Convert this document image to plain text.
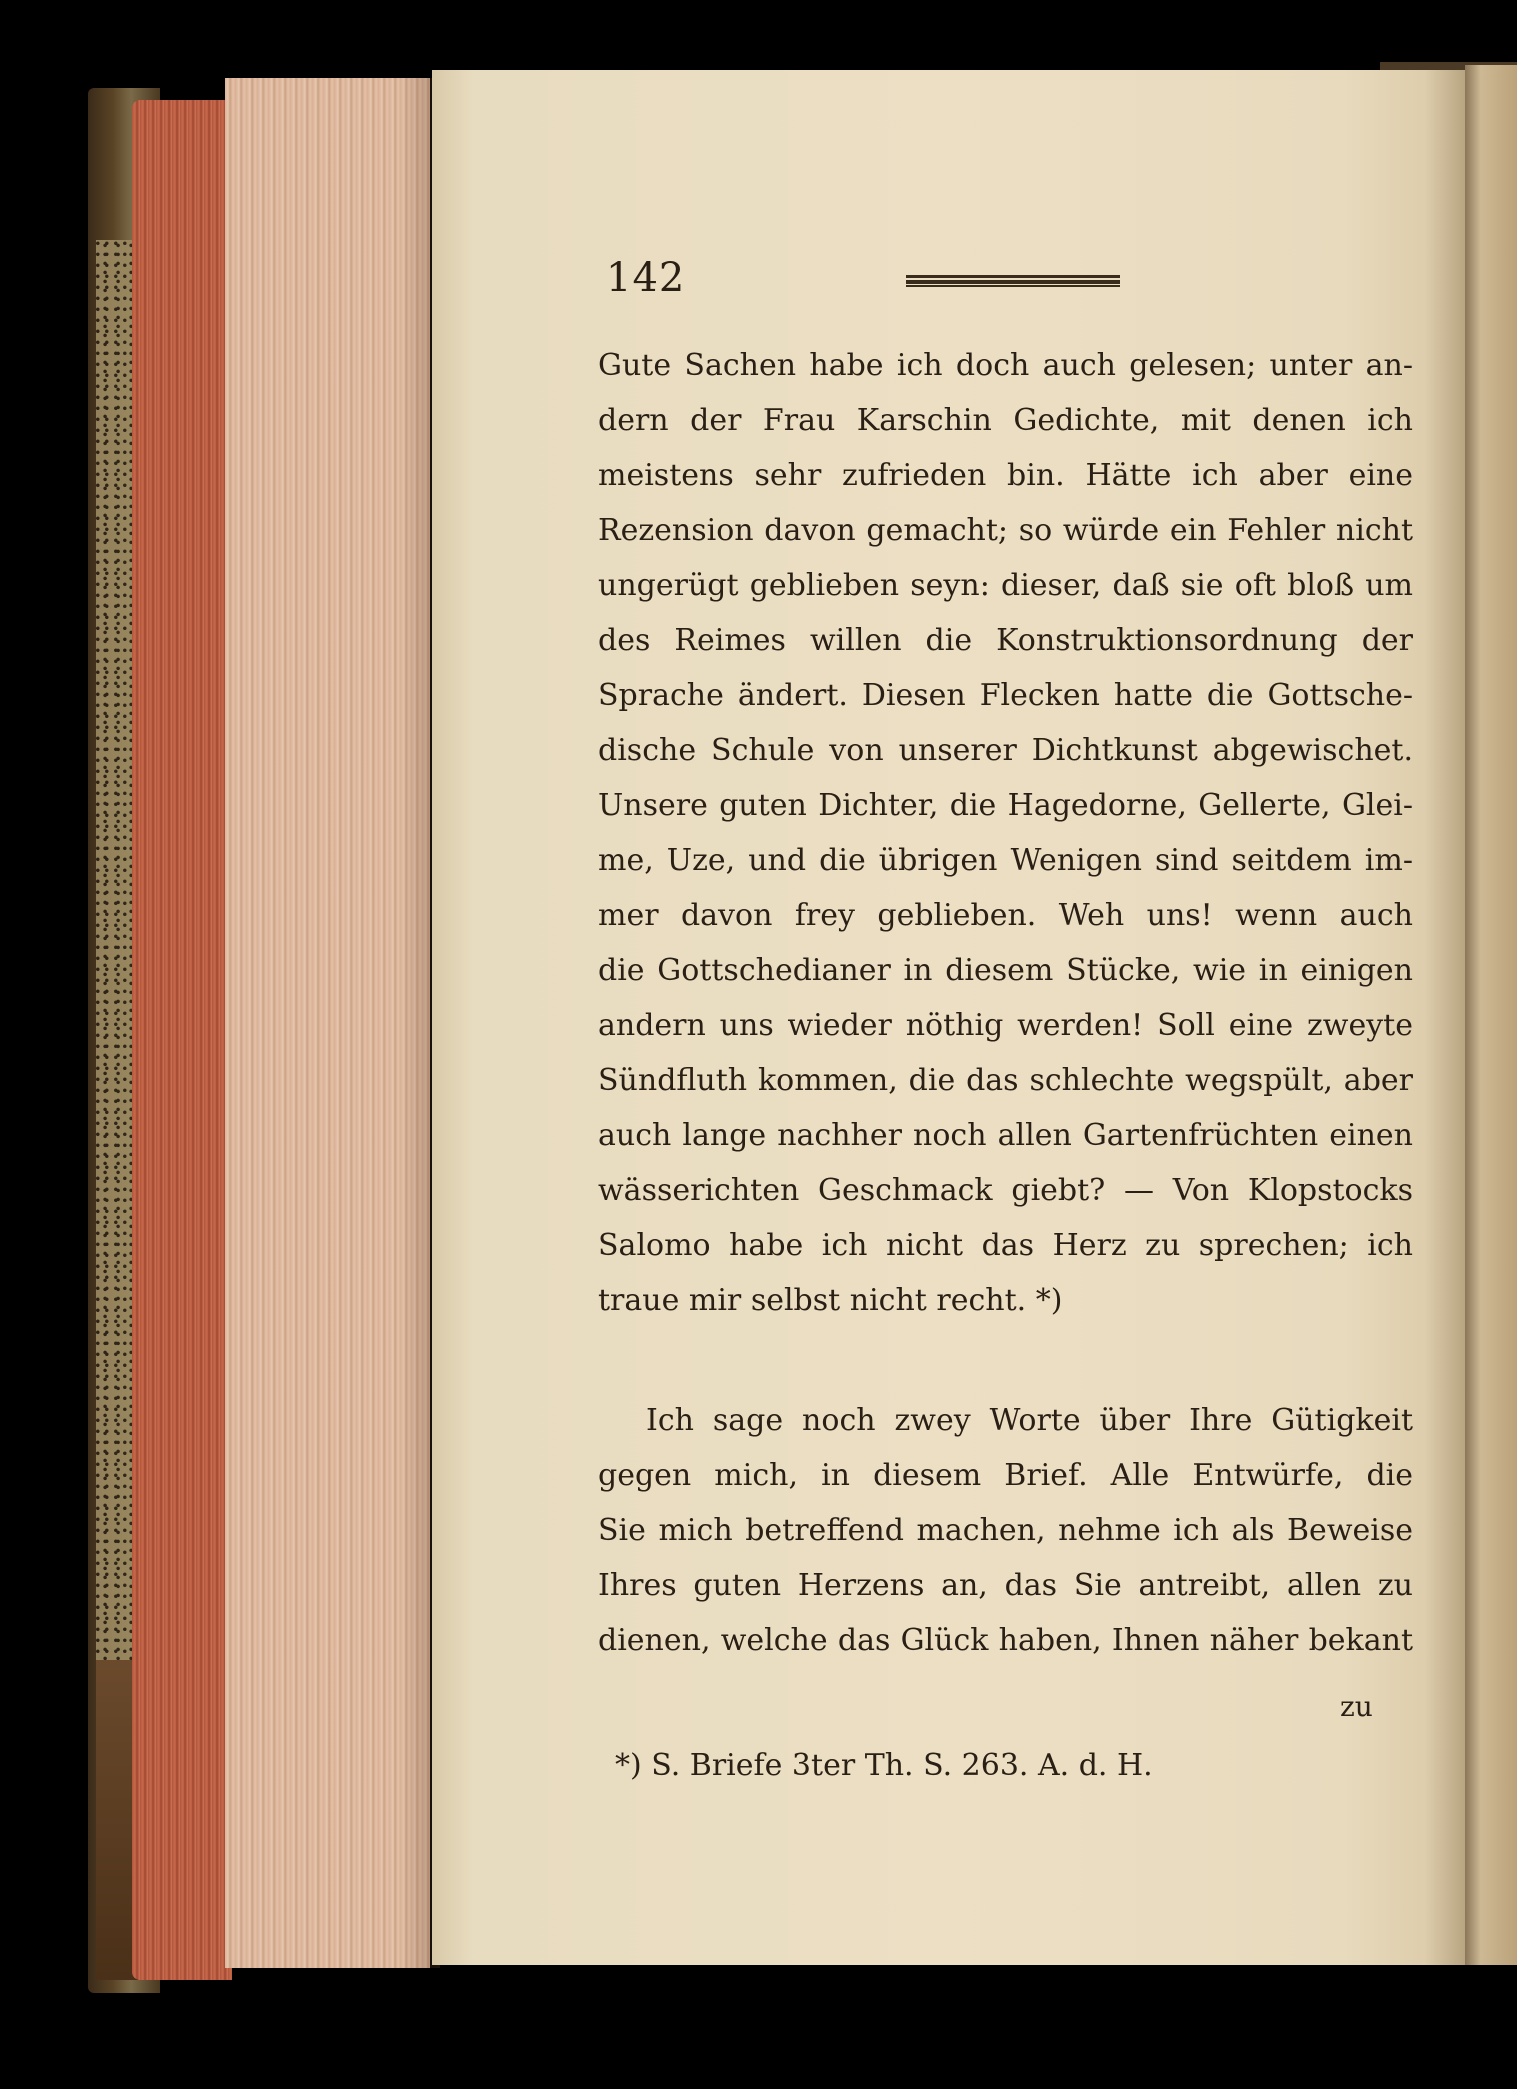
142
Gute Sachen habe ich doch auch gelesen; unter an-
dern der Frau Karschin Gedichte, mit denen ich
meistens sehr zufrieden bin. Hätte ich aber eine
Rezension davon gemacht; so würde ein Fehler nicht
ungerügt geblieben seyn: dieser, daß sie oft bloß um
des Reimes willen die Konstruktionsordnung der
Sprache ändert. Diesen Flecken hatte die Gottsche-
dische Schule von unserer Dichtkunst abgewischet.
Unsere guten Dichter, die Hagedorne, Gellerte, Glei-
me, Uze, und die übrigen Wenigen sind seitdem im-
mer davon frey geblieben. Weh uns! wenn auch
die Gottschedianer in diesem Stücke, wie in einigen
andern uns wieder nöthig werden! Soll eine zweyte
Sündfluth kommen, die das schlechte wegspült, aber
auch lange nachher noch allen Gartenfrüchten einen
wässerichten Geschmack giebt? — Von Klopstocks
Salomo habe ich nicht das Herz zu sprechen; ich
traue mir selbst nicht recht. *)
Ich sage noch zwey Worte über Ihre Gütigkeit
gegen mich, in diesem Brief. Alle Entwürfe, die
Sie mich betreffend machen, nehme ich als Beweise
Ihres guten Herzens an, das Sie antreibt, allen zu
dienen, welche das Glück haben, Ihnen näher bekant
zu
*) S. Briefe 3ter Th. S. 263. A. d. H.
